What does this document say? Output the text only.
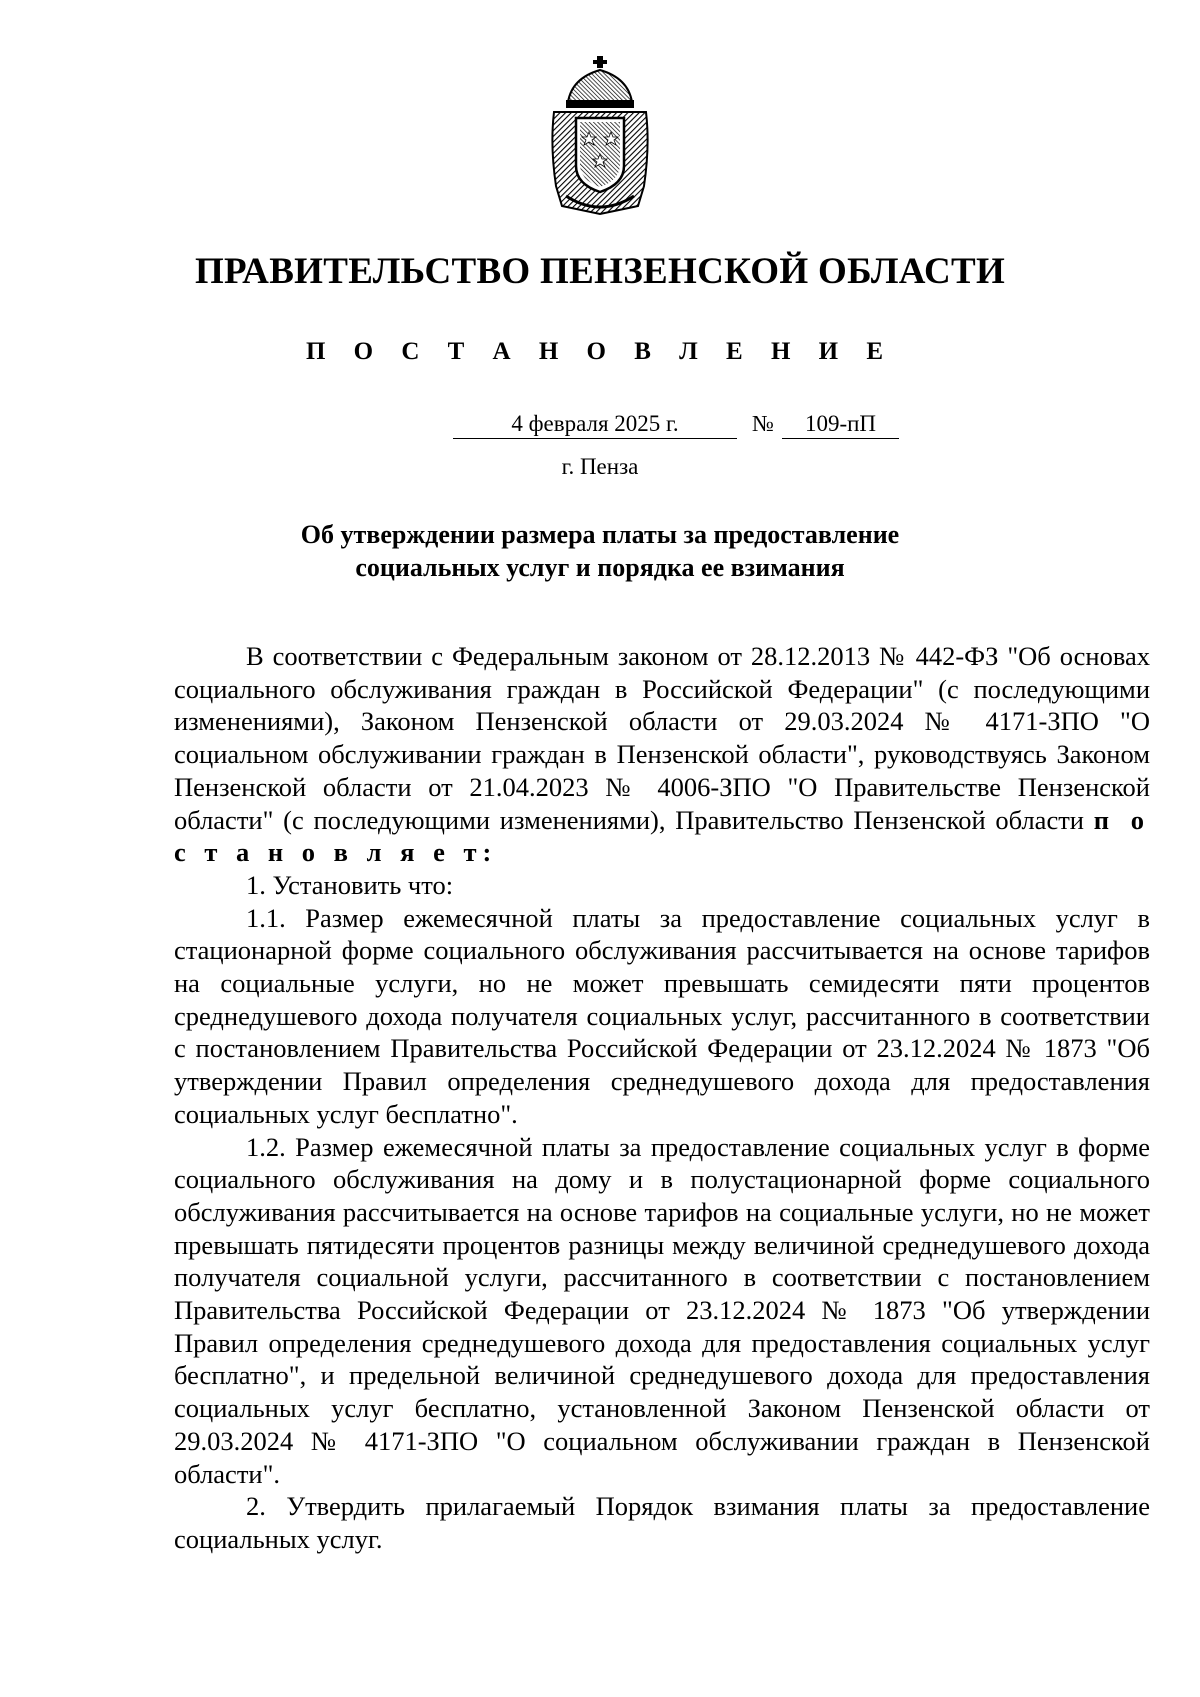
ПРАВИТЕЛЬСТВО ПЕНЗЕНСКОЙ ОБЛАСТИ
П О С Т А Н О В Л Е Н И Е
4 февраля 2025 г.	№	109-пП
г. Пенза
Об утверждении размера платы за предоставление
социальных услуг и порядка ее взимания

В соответствии с Федеральным законом от 28.12.2013 № 442-ФЗ "Об основах социального обслуживания граждан в Российской Федерации" (с последующими изменениями), Законом Пензенской области от 29.03.2024 № 4171-ЗПО "О социальном обслуживании граждан в Пензенской области", руководствуясь Законом Пензенской области от 21.04.2023 № 4006-ЗПО "О Правительстве Пензенской области" (с последующими изменениями), Правительство Пензенской области п о с т а н о в л я е т:

1. Установить что:

1.1. Размер ежемесячной платы за предоставление социальных услуг в стационарной форме социального обслуживания рассчитывается на основе тарифов на социальные услуги, но не может превышать семидесяти пяти процентов среднедушевого дохода получателя социальных услуг, рассчитанного в соответствии с постановлением Правительства Российской Федерации от 23.12.2024 № 1873 "Об утверждении Правил определения среднедушевого дохода для предоставления социальных услуг бесплатно".

1.2. Размер ежемесячной платы за предоставление социальных услуг в форме социального обслуживания на дому и в полустационарной форме социального обслуживания рассчитывается на основе тарифов на социальные услуги, но не может превышать пятидесяти процентов разницы между величиной среднедушевого дохода получателя социальной услуги, рассчитанного в соответствии с постановлением Правительства Российской Федерации от 23.12.2024 № 1873 "Об утверждении Правил определения среднедушевого дохода для предоставления социальных услуг бесплатно", и предельной величиной среднедушевого дохода для предоставления социальных услуг бесплатно, установленной Законом Пензенской области от 29.03.2024 № 4171-ЗПО "О социальном обслуживании граждан в Пензенской области".

2. Утвердить прилагаемый Порядок взимания платы за предоставление социальных услуг.
